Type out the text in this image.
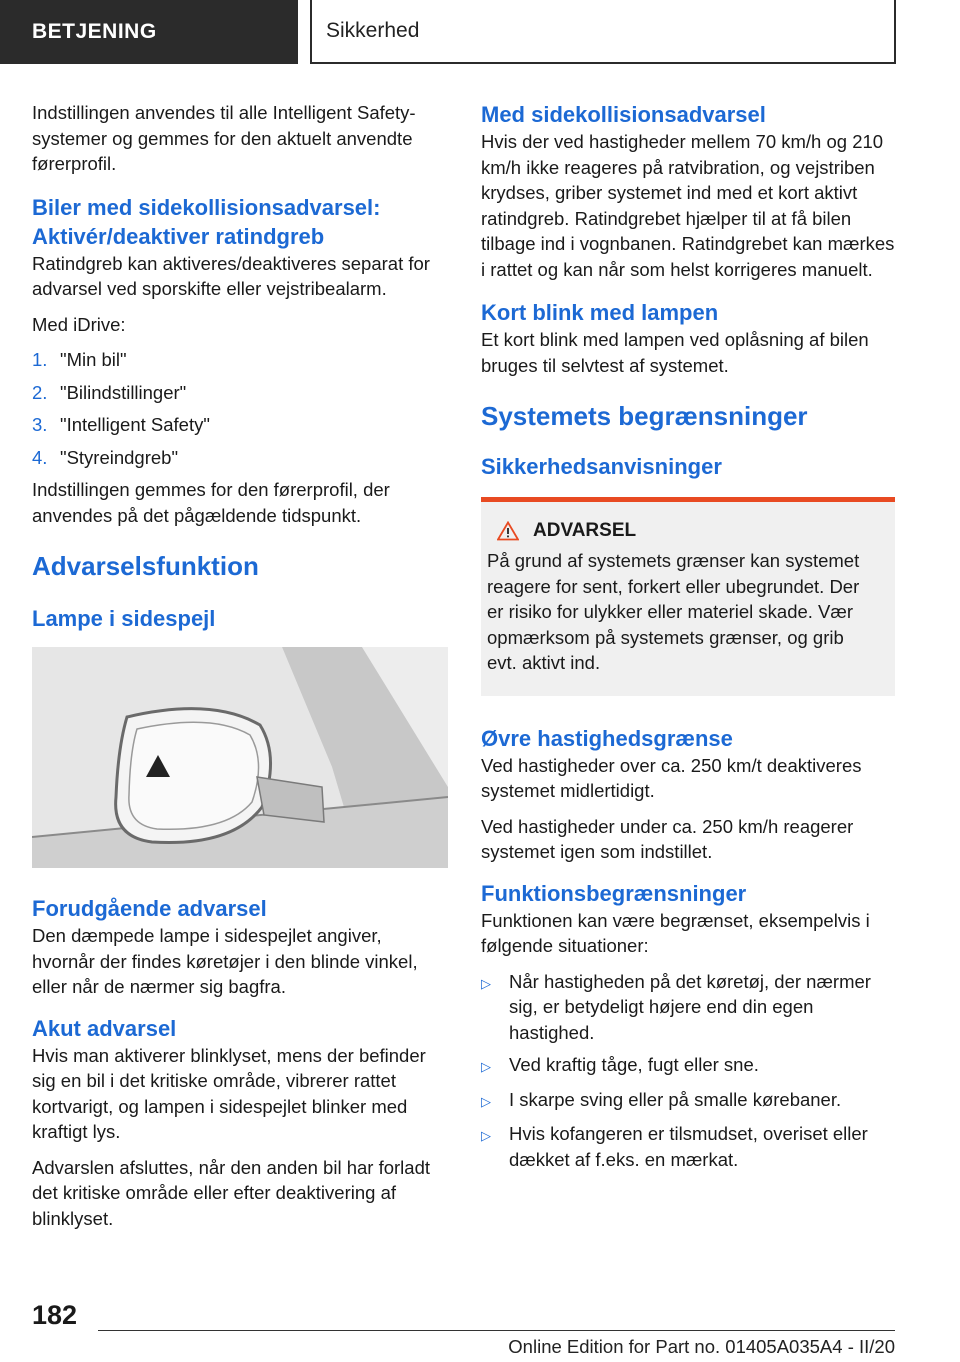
BETJENING	Sikkerhed

Indstillingen anvendes til alle Intelligent Safety-systemer og gemmes for den aktuelt anvendte førerprofil.

Biler med sidekollisionsadvarsel: Aktivér/deaktiver ratindgreb

Ratindgreb kan aktiveres/deaktiveres separat for advarsel ved sporskifte eller vejstribealarm.

Med iDrive:

1. "Min bil"
2. "Bilindstillinger"
3. "Intelligent Safety"
4. "Styreindgreb"

Indstillingen gemmes for den førerprofil, der anvendes på det pågældende tidspunkt.

Advarselsfunktion
Lampe i sidespejl
Forudgående advarsel

Den dæmpede lampe i sidespejlet angiver, hvornår der findes køretøjer i den blinde vinkel, eller når de nærmer sig bagfra.

Akut advarsel

Hvis man aktiverer blinklyset, mens der befinder sig en bil i det kritiske område, vibrerer rattet kortvarigt, og lampen i sidespejlet blinker med kraftigt lys.

Advarslen afsluttes, når den anden bil har forladt det kritiske område eller efter deaktivering af blinklyset.

Med sidekollisionsadvarsel

Hvis der ved hastigheder mellem 70 km/h og 210 km/h ikke reageres på ratvibration, og vejstriben krydses, griber systemet ind med et kort aktivt ratindgreb. Ratindgrebet hjælper til at få bilen tilbage ind i vognbanen. Ratindgrebet kan mærkes i rattet og kan når som helst korrigeres manuelt.

Kort blink med lampen

Et kort blink med lampen ved oplåsning af bilen bruges til selvtest af systemet.

Systemets begrænsninger
Sikkerhedsanvisninger
ADVARSEL

På grund af systemets grænser kan systemet reagere for sent, forkert eller ubegrundet. Der er risiko for ulykker eller materiel skade. Vær opmærksom på systemets grænser, og grib evt. aktivt ind.

Øvre hastighedsgrænse

Ved hastigheder over ca. 250 km/t deaktiveres systemet midlertidigt.

Ved hastigheder under ca. 250 km/h reagerer systemet igen som indstillet.

Funktionsbegrænsninger

Funktionen kan være begrænset, eksempelvis i følgende situationer:

▷ Når hastigheden på det køretøj, der nærmer sig, er betydeligt højere end din egen hastighed.
▷ Ved kraftig tåge, fugt eller sne.
▷ I skarpe sving eller på smalle kørebaner.
▷ Hvis kofangeren er tilsmudset, overiset eller dækket af f.eks. en mærkat.
182
Online Edition for Part no. 01405A035A4 - II/20
